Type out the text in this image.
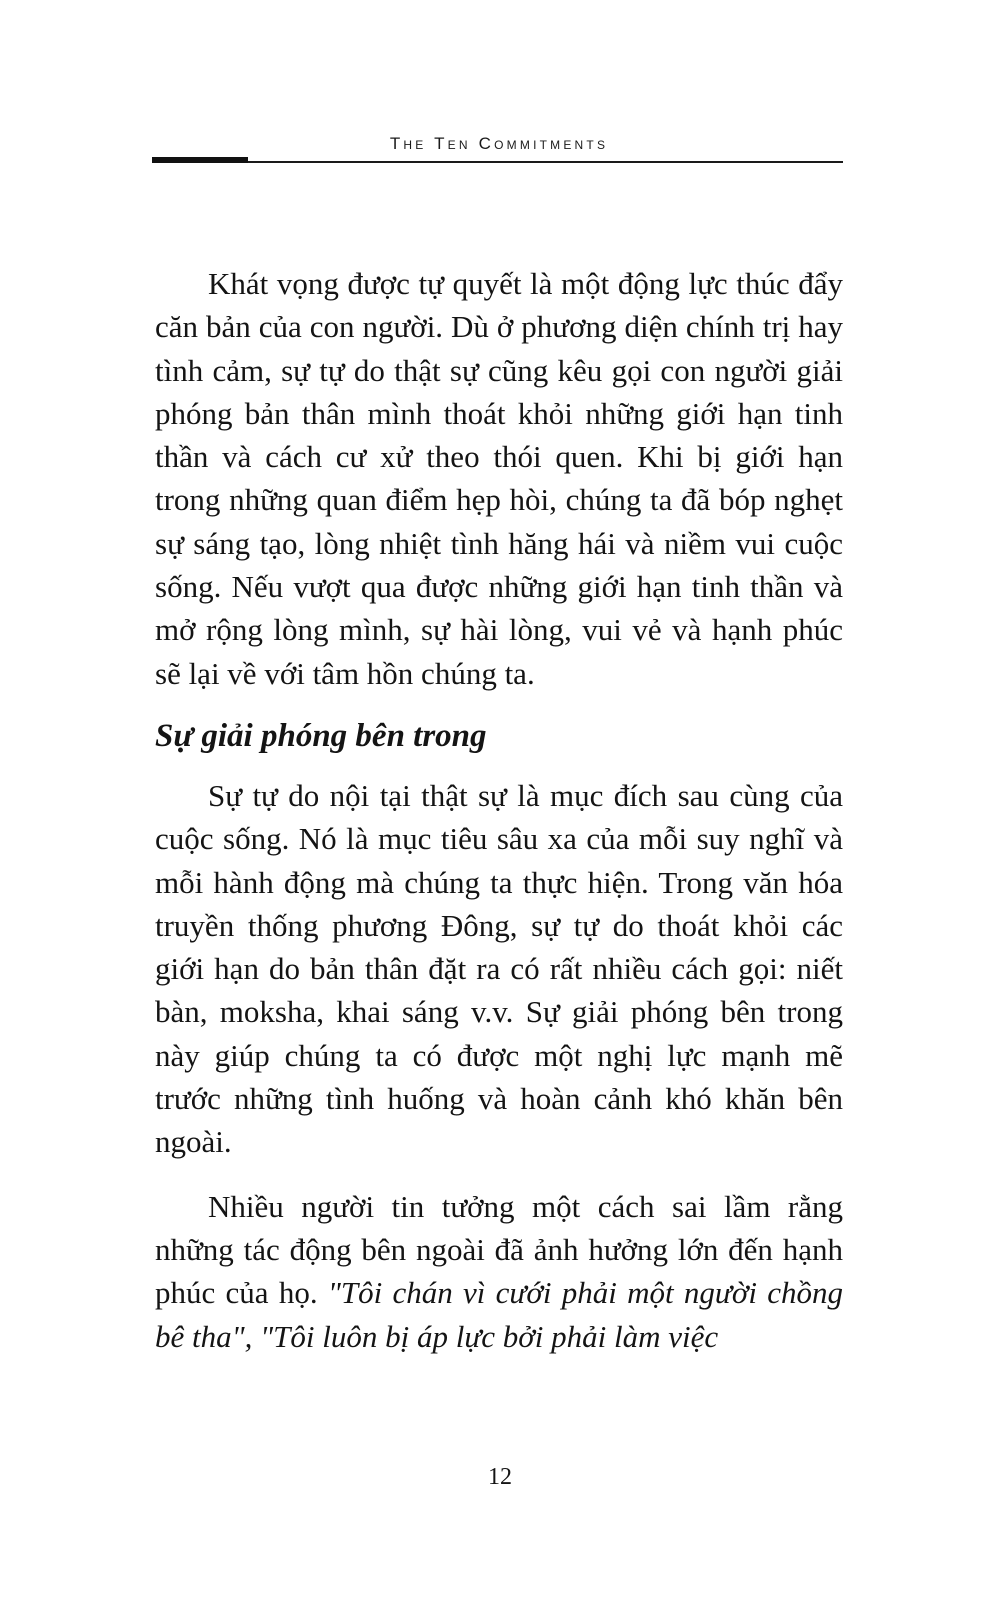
The Ten Commitments

Khát vọng được tự quyết là một động lực thúc đẩy căn bản của con người. Dù ở phương diện chính trị hay tình cảm, sự tự do thật sự cũng kêu gọi con người giải phóng bản thân mình thoát khỏi những giới hạn tinh thần và cách cư xử theo thói quen. Khi bị giới hạn trong những quan điểm hẹp hòi, chúng ta đã bóp nghẹt sự sáng tạo, lòng nhiệt tình hăng hái và niềm vui cuộc sống. Nếu vượt qua được những giới hạn tinh thần và mở rộng lòng mình, sự hài lòng, vui vẻ và hạnh phúc sẽ lại về với tâm hồn chúng ta.

Sự giải phóng bên trong

Sự tự do nội tại thật sự là mục đích sau cùng của cuộc sống. Nó là mục tiêu sâu xa của mỗi suy nghĩ và mỗi hành động mà chúng ta thực hiện. Trong văn hóa truyền thống phương Đông, sự tự do thoát khỏi các giới hạn do bản thân đặt ra có rất nhiều cách gọi: niết bàn, moksha, khai sáng v.v. Sự giải phóng bên trong này giúp chúng ta có được một nghị lực mạnh mẽ trước những tình huống và hoàn cảnh khó khăn bên ngoài.

Nhiều người tin tưởng một cách sai lầm rằng những tác động bên ngoài đã ảnh hưởng lớn đến hạnh phúc của họ. "Tôi chán vì cưới phải một người chồng bê tha", "Tôi luôn bị áp lực bởi phải làm việc

12
